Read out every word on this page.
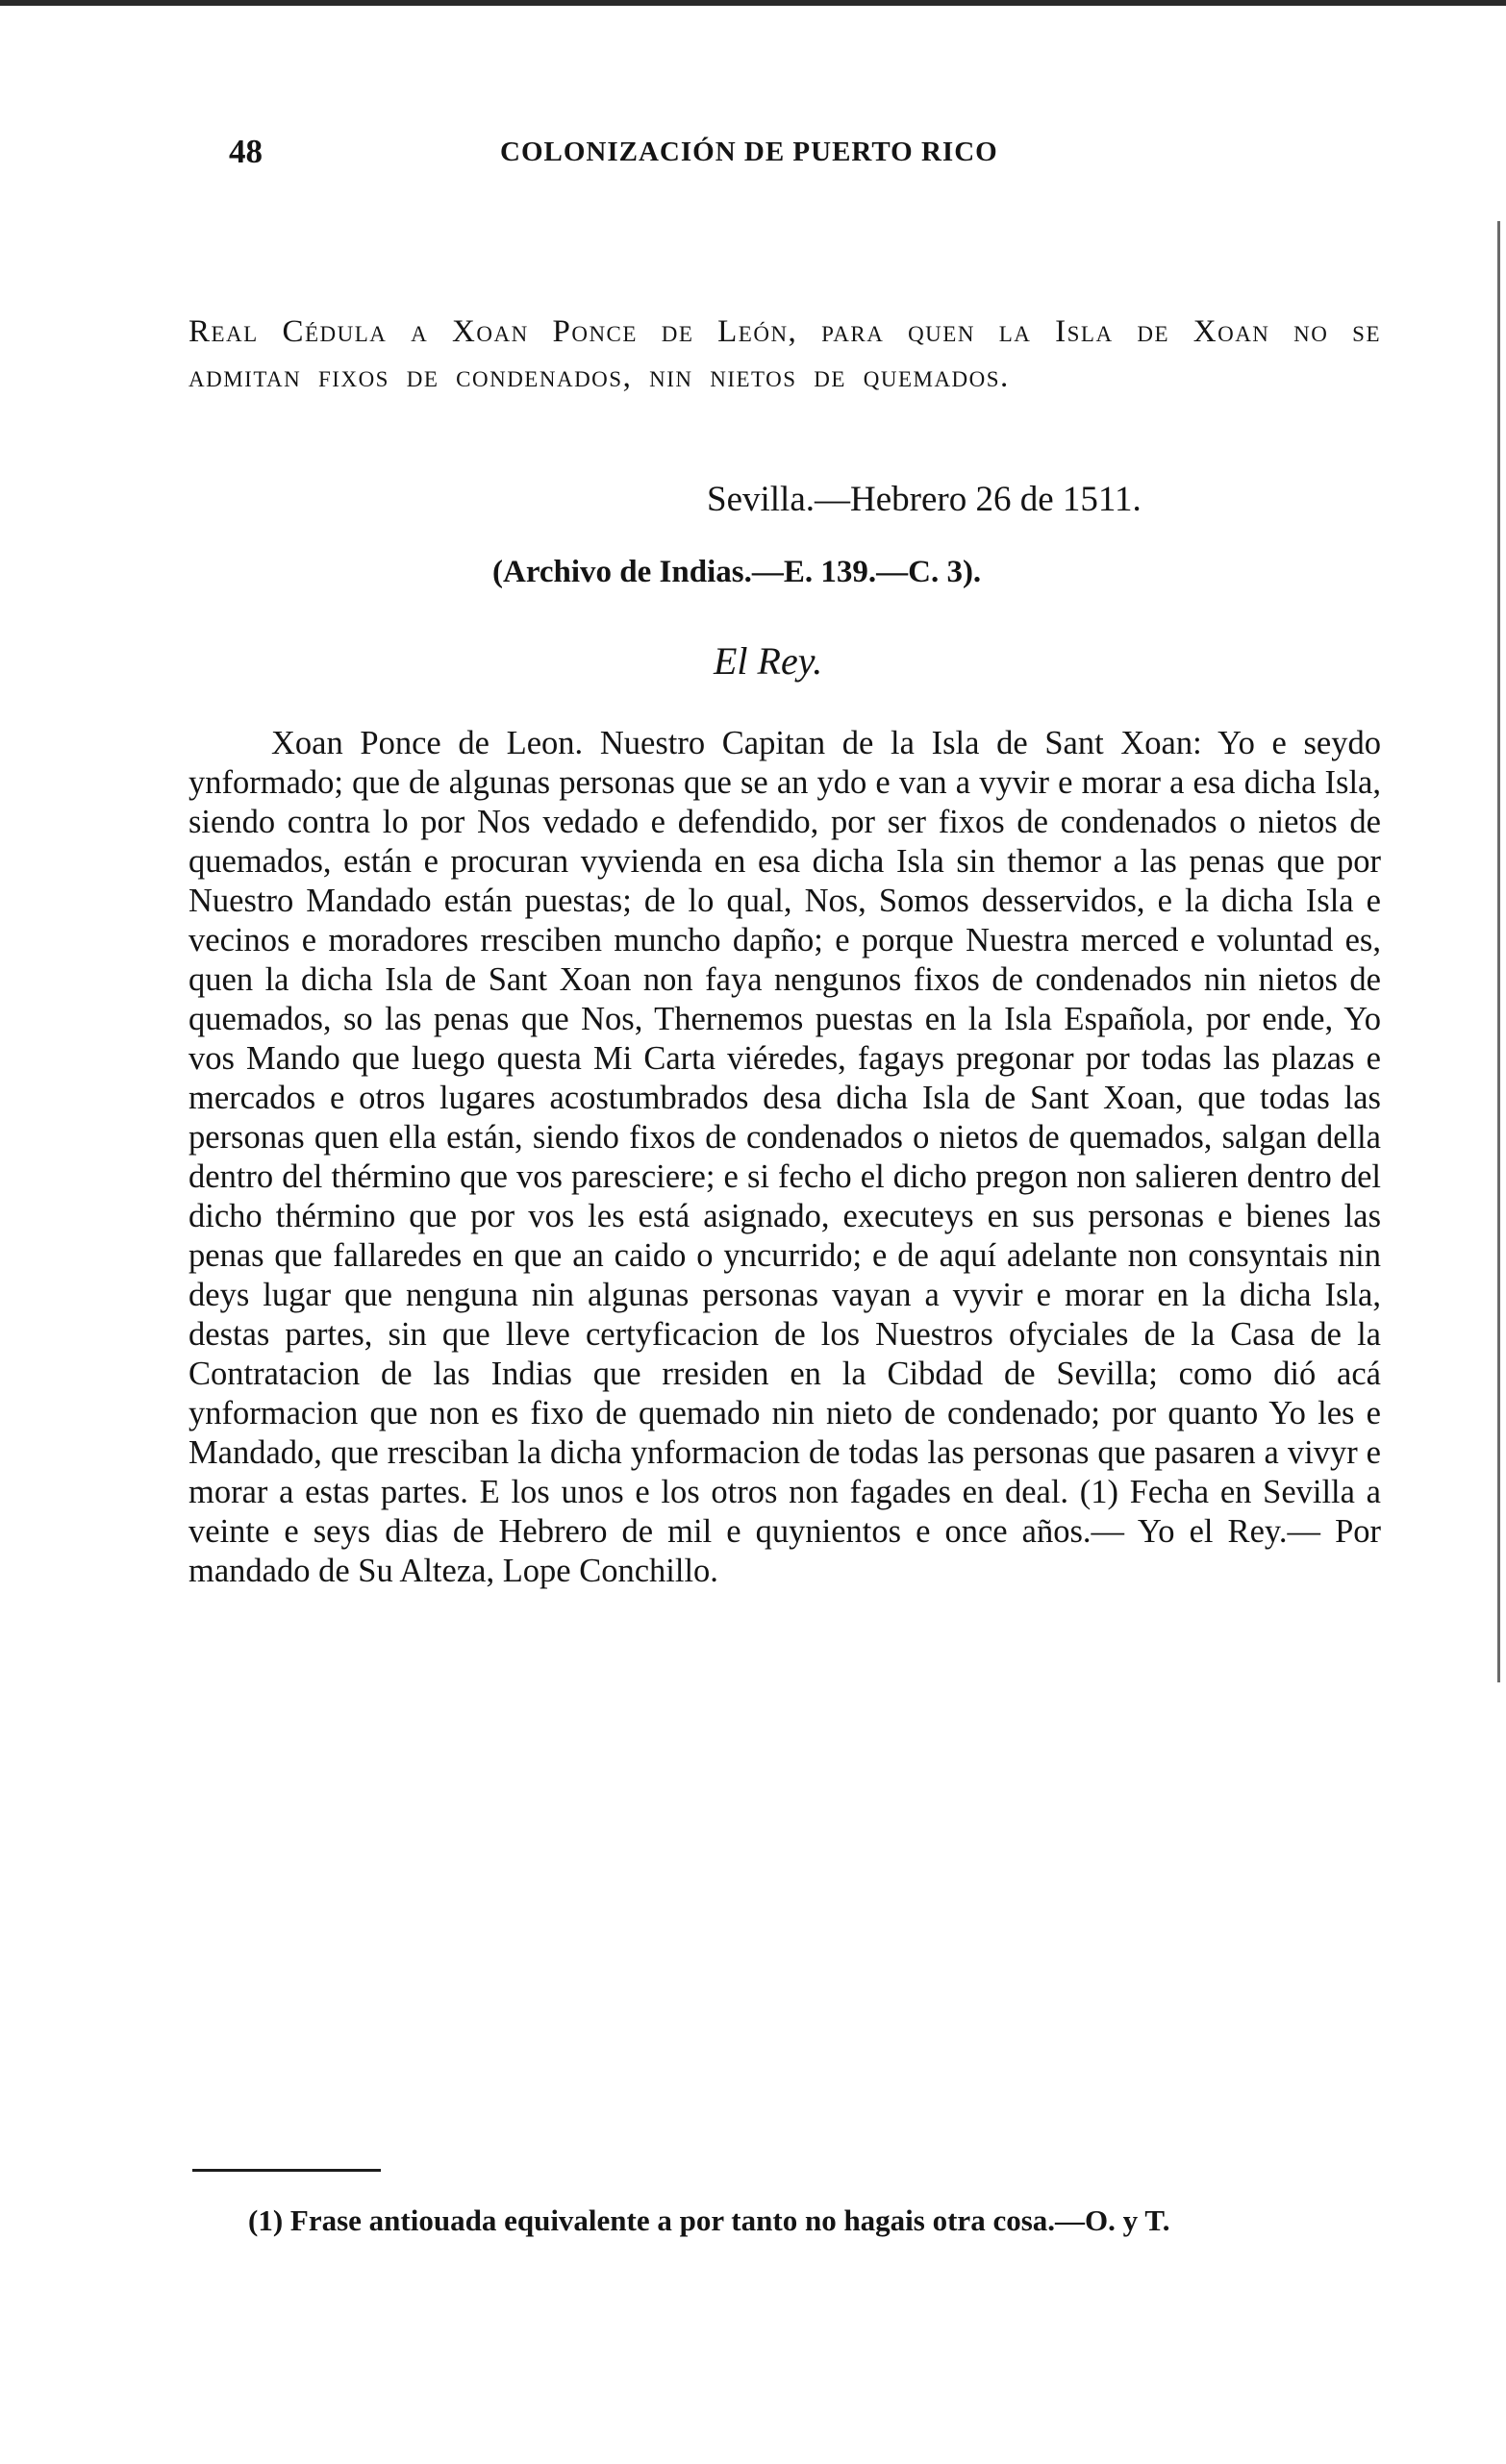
48	COLONIZACIÓN DE PUERTO RICO
Real Cédula a Xoan Ponce de León, para quen la Isla de Xoan no se admitan fixos de condenados, nin nietos de quemados.
Sevilla.—Hebrero 26 de 1511.
(Archivo de Indias.—E. 139.—C. 3).
El Rey.

Xoan Ponce de Leon. Nuestro Capitan de la Isla de Sant Xoan: Yo e seydo ynformado; que de algunas personas que se an ydo e van a vyvir e morar a esa dicha Isla, siendo contra lo por Nos vedado e defendido, por ser fixos de condenados o nietos de quemados, están e procuran vyvienda en esa dicha Isla sin themor a las penas que por Nuestro Mandado están puestas; de lo qual, Nos, Somos desservidos, e la dicha Isla e vecinos e moradores rresciben muncho dapño; e porque Nuestra merced e voluntad es, quen la dicha Isla de Sant Xoan non faya nengunos fixos de condenados nin nietos de quemados, so las penas que Nos, Thernemos puestas en la Isla Española, por ende, Yo vos Mando que luego questa Mi Carta viéredes, fagays pregonar por todas las plazas e mercados e otros lugares acostumbrados desa dicha Isla de Sant Xoan, que todas las personas quen ella están, siendo fixos de condenados o nietos de quemados, salgan della dentro del thérmino que vos paresciere; e si fecho el dicho pregon non salieren dentro del dicho thérmino que por vos les está asignado, executeys en sus personas e bienes las penas que fallaredes en que an caido o yncurrido; e de aquí adelante non consyntais nin deys lugar que nenguna nin algunas personas vayan a vyvir e morar en la dicha Isla, destas partes, sin que lleve certyficacion de los Nuestros ofyciales de la Casa de la Contratacion de las Indias que rresiden en la Cibdad de Sevilla; como dió acá ynformacion que non es fixo de quemado nin nieto de condenado; por quanto Yo les e Mandado, que rresciban la dicha ynformacion de todas las personas que pasaren a vivyr e morar a estas partes. E los unos e los otros non fagades en deal. (1) Fecha en Sevilla a veinte e seys dias de Hebrero de mil e quynientos e once años.— Yo el Rey.— Por mandado de Su Alteza, Lope Conchillo.

(1) Frase antiouada equivalente a por tanto no hagais otra cosa.—O. y T.
